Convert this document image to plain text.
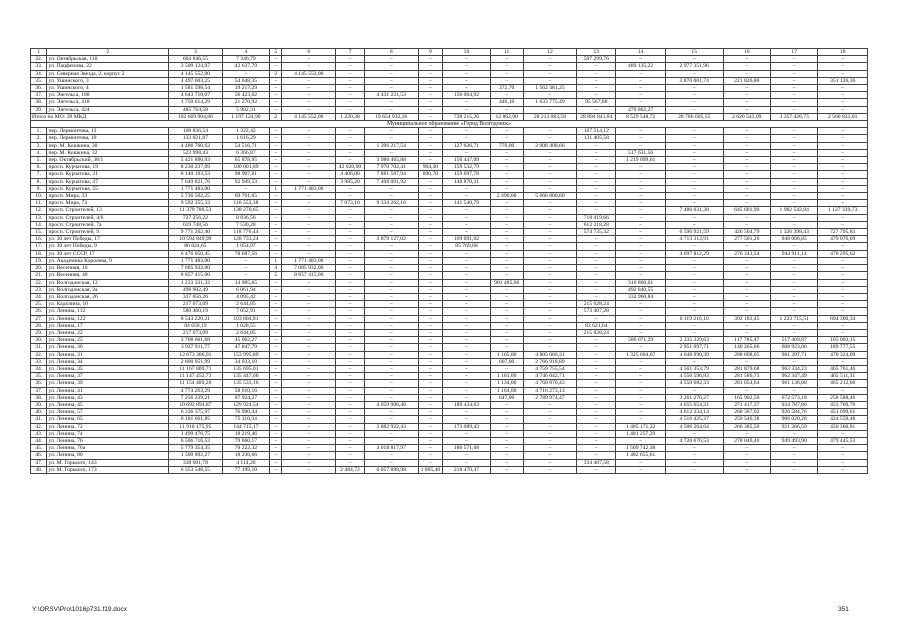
1	2	3	4	5	6	7	8	9	10	11	12	13	14	15	16	17	18
32.	ул. Октябрьская, 118	604 646,55	7 346,79	–	–	–	–	–	–	–	–	597 299,76	–	–	–	–	–
33.	ул. Пацфилова, 22	3 509 124,97	42 637,79	–	–	–	–	–	–	–	–	–	489 135,22	2 977 351,96	–	–	–
34.	ул. Северная Звезда, 2, корпус 2	4 145 552,00	–	2	4 145 552,00	–	–	–	–	–	–	–	–	–	–	–	–
35.	ул. Ушинского, 3	4 497 603,25	54 648,35	–	–	–	–	–	–	–	–	–	–	3 870 001,74	221 826,80	–	351 126,36
36.	ул. Ушинского, 4	1 581 598,54	19 217,29	–	–	–	–	–	–	372,70	1 562 381,25	–	–	–	–	–	–
37.	ул. Энгельса, 188	4 643 710,07	56 423,62	–	–	–	4 431 221,53	–	156 064,92	–	–	–	–	–	–	–	–
38.	ул. Энгельса, 418	1 750 614,29	21 270,92	–	–	–	–	–	–	446,10	1 633 775,49	95 567,88	–	–	–	–	–
39.	ул. Энгельса, 424	485 764,58	5 902,31	–	–	–	–	–	–	–	–	–	479 862,27	–	–	–	–
Итого по МО: 39 МКД		102 669 904,86	1 197 124,90	2	4 145 552,00	1 220,38	19 654 932,26	–	728 215,26	12 862,90	28 213 083,58	28 894 841,84	8 529 548,72	28 786 605,55	2 620 543,09	3 357 426,75	2 560 831,01
Муниципальное образование «Город Волгодонск»																	
1.	пер. Лермонтова, 13	108 836,54	1 322,42	–	–	–	–	–	–	–	–	107 514,12	–	–	–	–	–
2.	пер. Лермонтова, 19	133 021,87	1 616,29	–	–	–	–	–	–	–	–	131 405,58	–	–	–	–	–
3.	пер. М. Кошкина, 30	4 486 760,62	54 516,71	–	–	–	1 396 217,54	–	127 626,71	776,00	2 908 408,66	–	–	–	–	–	–
4.	пер. М. Кошкина, 32	523 998,43	6 366,87	–	–	–	–	–	–	–	–	–	517 631,56	–	–	–	–
5.	пер. Октябрьский, 38/1	5 421 890,93	65 878,95	–	–	–	3 986 465,88	–	150 447,09	–	–	–	1 219 099,01	–	–	–	–
6.	просп. Курчатова, 19	8 230 237,09	100 001,89	–	–	42 020,00	7 970 702,41	904,30	159 532,79	–	–	–	–	–	–	–	–
7.	просп. Курчатова, 21	8 140 193,53	98 907,81	–	–	4 406,00	7 881 587,94	890,70	159 697,78	–	–	–	–	–	–	–	–
8.	просп. Курчатова, 37	7 649 821,76	92 949,53	–	–	3 985,20	7 408 001,92	–	148 870,31	–	–	–	–	–	–	–	–
9.	просп. Курчатова, 55	1 771 483,00	–	1	1 771 483,00	–	–	–	–	–	–	–	–	–	–	–	–
10.	просп. Мира, 33	5 736 502,25	69 701,65	–	–	–	–	–	–	2 496,00	5 666 800,60	–	–	–	–	–	–
11.	просп. Мира, 73	9 592 355,33	116 552,38	–	–	7 073,10	9 334 262,16	–	141 540,79	–	–	–	–	–	–	–	–
12.	просп. Строителей, 13	11 379 786,53	138 270,65	–	–	–	–	–	–	–	–	–	–	7 486 031,38	645 601,90	1 982 542,84	1 127 339,73
13.	просп. Строителей, 4/6	727 256,22	8 836,56	–	–	–	–	–	–	–	–	718 419,66	–	–	–	–	–
14.	просп. Строителей, 7а	619 748,56	7 530,28	–	–	–	–	–	–	–	–	612 218,28	–	–	–	–	–
15.	просп. Строителей, 9	9 771 262,40	118 776,44	–	–	–	–	–	–	–	–	574 735,32	–	6 596 921,59	426 504,79	1 326 398,43	727 795,83
16.	ул. 30 лет Победы, 17	10 594 849,99	128 733,24	–	–	–	3 879 127,02	–	169 091,02	–	–	–	–	4 713 313,91	277 501,26	948 006,85	479 076,69
17.	ул. 30 лет Победы, 9	86 824,65	1 054,97	–	–	–	–	–	85 769,68	–	–	–	–	–	–	–	–
18.	ул. 30 лет СССР, 17	6 476 050,45	78 687,56	–	–	–	–	–	–	–	–	–	–	4 697 812,29	276 343,54	944 911,14	478 295,62
19.	ул. Академика Королева, 9	1 771 483,00	–	1	1 771 483,00	–	–	–	–	–	–	–	–	–	–	–	–
20.	ул. Весенняя, 16	7 085 932,00	–	4	7 085 932,00	–	–	–	–	–	–	–	–	–	–	–	–
21.	ул. Весенняя, 40	8 857 415,00	–	5	8 857 415,00	–	–	–	–	–	–	–	–	–	–	–	–
22.	ул. Волгодонская, 12	1 233 331,32	14 985,65	–	–	–	–	–	–	901 485,66	–	–	316 860,01	–	–	–	–
23.	ул. Волгодонская, 2а	498 902,49	6 061,94	–	–	–	–	–	–	–	–	–	492 840,55	–	–	–	–
24.	ул. Волгодонская, 26	337 056,26	4 095,42	–	–	–	–	–	–	–	–	–	332 960,84	–	–	–	–
25.	ул. Кадолина, 10	217 673,09	2 644,85	–	–	–	–	–	–	–	–	215 028,24	–	–	–	–	–
26.	ул. Ленина, 112	580 460,19	7 052,91	–	–	–	–	–	–	–	–	573 407,28	–	–	–	–	–
27.	ул. Ленина, 122	8 543 220,21	103 804,81	–	–	–	–	–	–	–	–	–	–	6 119 216,10	392 183,45	1 233 715,51	694 300,34
28.	ул. Ленина, 17	84 650,19	1 028,55	–	–	–	–	–	–	–	–	83 621,64	–	–	–	–	–
29.	ул. Ленина, 22	217 673,09	2 644,85	–	–	–	–	–	–	–	–	215 028,24	–	–	–	–	–
30.	ул. Ленина, 25	3 708 661,68	45 062,27	–	–	–	–	–	–	–	–	–	586 071,29	2 335 329,63	117 785,47	517 409,87	105 003,15
31.	ул. Ленина, 30	3 937 911,77	47 847,79	–	–	–	–	–	–	–	–	–	–	2 951 097,71	140 265,66	608 923,06	189 777,55
32.	ул. Ленина, 31	12 673 386,91	153 995,89	–	–	–	–	–	–	1 165,00	4 805 066,31	–	1 325 604,67	4 648 990,39	288 608,05	981 397,71	470 324,09
33.	ул. Ленина, 34	2 800 951,99	34 033,10	–	–	–	–	–	–	607,00	2 766 918,89	–	–	–	–	–	–
34.	ул. Ленина, 35	11 167 809,71	135 695,01	–	–	–	–	–	–	–	4 759 755,54	–	–	4 561 353,79	281 879,68	963 334,23	465 761,46
35.	ул. Ленина, 37	11 147 452,73	135 447,66	–	–	–	–	–	–	1 161,00	4 746 042,71	–	–	4 556 596,83	281 586,73	962 347,49	465 511,31
36.	ул. Ленина, 39	11 154 489,20	135 533,16	–	–	–	–	–	–	1 134,00	4 760 870,43	–	–	4 550 682,33	281 054,64	961 136,08	465 212,66
37.	ул. Ленина, 41	4 774 263,29	58 010,16	–	–	–	–	–	–	1 164,00	4 716 273,13	–	–	–	–	–	–
38.	ул. Ленина, 43	7 256 239,21	87 924,27	–	–	–	–	–	–	647,00	2 789 974,47	–	–	3 261 276,27	165 902,56	672 573,18	258 588,46
39.	ул. Ленина, 45	10 692 894,87	129 924,54	–	–	–	4 059 906,46	–	189 434,63	–	–	–	–	4 655 654,31	271 417,37	934 787,86	453 769,70
40.	ул. Ленина, 57	6 336 375,97	76 990,44	–	–	–	–	–	–	–	–	–	–	4 612 334,14	268 367,02	926 584,76	451 699,61
41.	ул. Ленина, 65	6 181 661,85	75 110,34	–	–	–	–	–	–	–	–	–	–	4 516 425,37	259 546,38	906 020,28	424 559,48
42.	ул. Ленина, 72	11 910 175,95	144 715,17	–	–	–	3 882 922,43	–	173 089,43	–	–	–	1 485 171,32	4 586 264,64	266 385,56	921 266,59	450 360,81
43.	ул. Ленина, 74	1 499 476,75	18 219,46	–	–	–	–	–	–	–	–	–	1 481 257,29	–	–	–	–
44.	ул. Ленина, 76	6 506 716,53	79 060,17	–	–	–	–	–	–	–	–	–	–	4 720 676,53	278 040,40	949 493,90	479 445,53
45.	ул. Ленина, 76а	5 779 354,35	70 222,32	–	–	–	4 018 817,97	–	180 571,68	–	–	–	1 509 742,38	–	–	–	–
46.	ул. Ленина, 80	1 500 892,27	18 236,66	–	–	–	–	–	–	–	–	–	1 482 655,61	–	–	–	–
47.	ул. М. Горького, 143	338 601,78	4 114,20	–	–	–	–	–	–	–	–	334 487,58	–	–	–	–	–
48.	ул. М. Горького, 173	6 353 548,55	77 199,10	–	–	2 484,72	6 057 898,98	1 005,40	218 470,47	–	–	–	–	–	–	–	–
Y:\ORSV\Pro\1016p731.f19.docx	351
